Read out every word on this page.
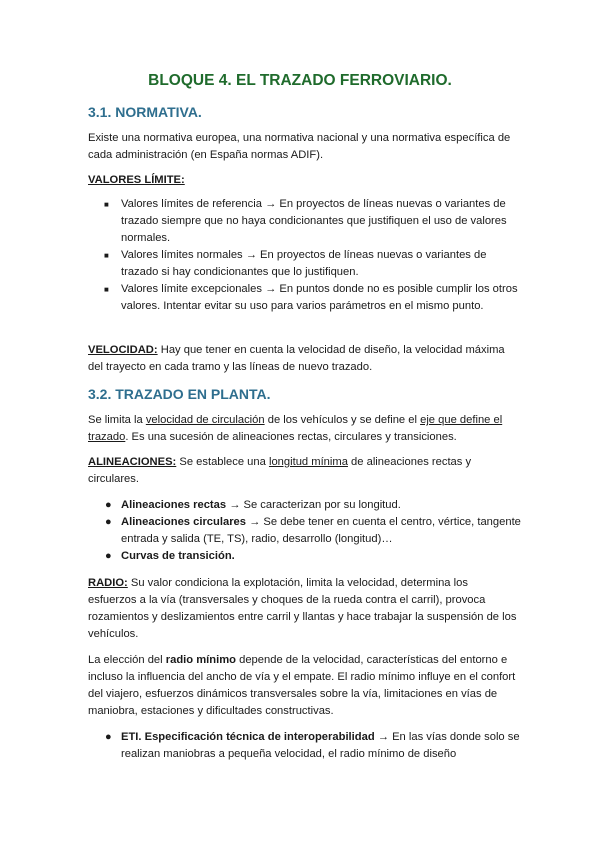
BLOQUE 4. EL TRAZADO FERROVIARIO.
3.1. NORMATIVA.
Existe una normativa europea, una normativa nacional y una normativa específica de cada administración (en España normas ADIF).
VALORES LÍMITE:
■ Valores límites de referencia → En proyectos de líneas nuevas o variantes de trazado siempre que no haya condicionantes que justifiquen el uso de valores normales.
■ Valores límites normales → En proyectos de líneas nuevas o variantes de trazado si hay condicionantes que lo justifiquen.
■ Valores límite excepcionales → En puntos donde no es posible cumplir los otros valores. Intentar evitar su uso para varios parámetros en el mismo punto.
VELOCIDAD: Hay que tener en cuenta la velocidad de diseño, la velocidad máxima del trayecto en cada tramo y las líneas de nuevo trazado.
3.2. TRAZADO EN PLANTA.
Se limita la velocidad de circulación de los vehículos y se define el eje que define el trazado. Es una sucesión de alineaciones rectas, circulares y transiciones.
ALINEACIONES: Se establece una longitud mínima de alineaciones rectas y circulares.
● Alineaciones rectas → Se caracterizan por su longitud.
● Alineaciones circulares → Se debe tener en cuenta el centro, vértice, tangente entrada y salida (TE, TS), radio, desarrollo (longitud)…
● Curvas de transición.
RADIO: Su valor condiciona la explotación, limita la velocidad, determina los esfuerzos a la vía (transversales y choques de la rueda contra el carril), provoca rozamientos y deslizamientos entre carril y llantas y hace trabajar la suspensión de los vehículos.
La elección del radio mínimo depende de la velocidad, características del entorno e incluso la influencia del ancho de vía y el empate. El radio mínimo influye en el confort del viajero, esfuerzos dinámicos transversales sobre la vía, limitaciones en vías de maniobra, estaciones y dificultades constructivas.
● ETI. Especificación técnica de interoperabilidad → En las vías donde solo se realizan maniobras a pequeña velocidad, el radio mínimo de diseño
